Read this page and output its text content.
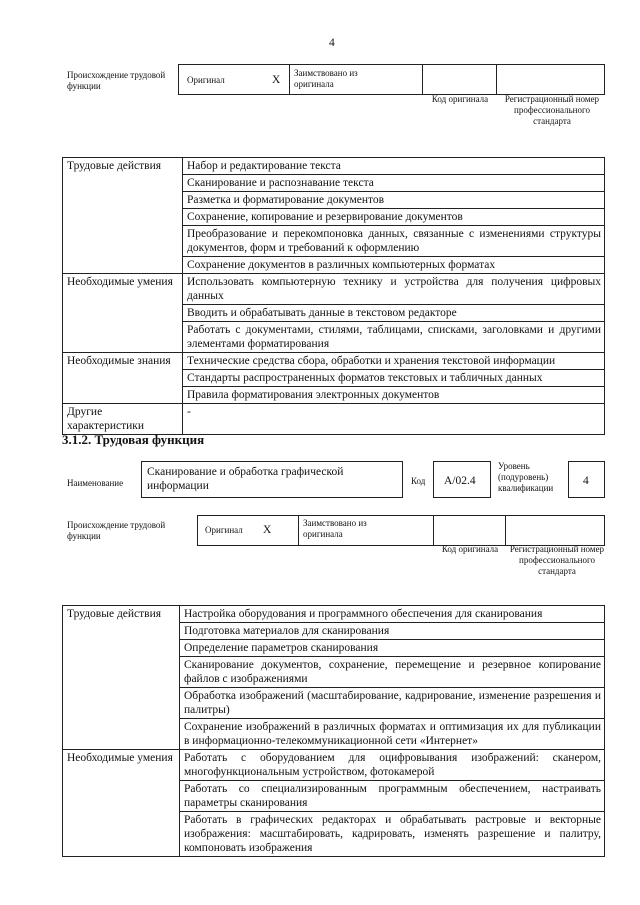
4
Происхождение трудовой функции
Оригинал	X
Заимствовано из оригинала
Код оригинала	Регистрационный номер профессионального стандарта
Трудовые действия	Набор и редактирование текста
	Сканирование и распознавание текста
	Разметка и форматирование документов
	Сохранение, копирование и резервирование документов
	Преобразование и перекомпоновка данных, связанные с изменениями структуры документов, форм и требований к оформлению
	Сохранение документов в различных компьютерных форматах
Необходимые умения	Использовать компьютерную технику и устройства для получения цифровых данных
	Вводить и обрабатывать данные в текстовом редакторе
	Работать с документами, стилями, таблицами, списками, заголовками и другими элементами форматирования
Необходимые знания	Технические средства сбора, обработки и хранения текстовой информации
	Стандарты распространенных форматов текстовых и табличных данных
	Правила форматирования электронных документов
Другие характеристики	-
3.1.2. Трудовая функция
Наименование
Сканирование и обработка графической информации	Код A/02.4
Уровень (подуровень) квалификации
4
Происхождение трудовой функции
Оригинал X
Заимствовано из оригинала
Код оригинала	Регистрационный номер профессионального стандарта
Трудовые действия	Настройка оборудования и программного обеспечения для сканирования
	Подготовка материалов для сканирования
	Определение параметров сканирования
	Сканирование документов, сохранение, перемещение и резервное копирование файлов с изображениями
	Обработка изображений (масштабирование, кадрирование, изменение разрешения и палитры)
	Сохранение изображений в различных форматах и оптимизация их для публикации в информационно-телекоммуникационной сети «Интернет»
Необходимые умения	Работать с оборудованием для оцифровывания изображений: сканером, многофункциональным устройством, фотокамерой
	Работать со специализированным программным обеспечением, настраивать параметры сканирования
	Работать в графических редакторах и обрабатывать растровые и векторные изображения: масштабировать, кадрировать, изменять разрешение и палитру, компоновать изображения
